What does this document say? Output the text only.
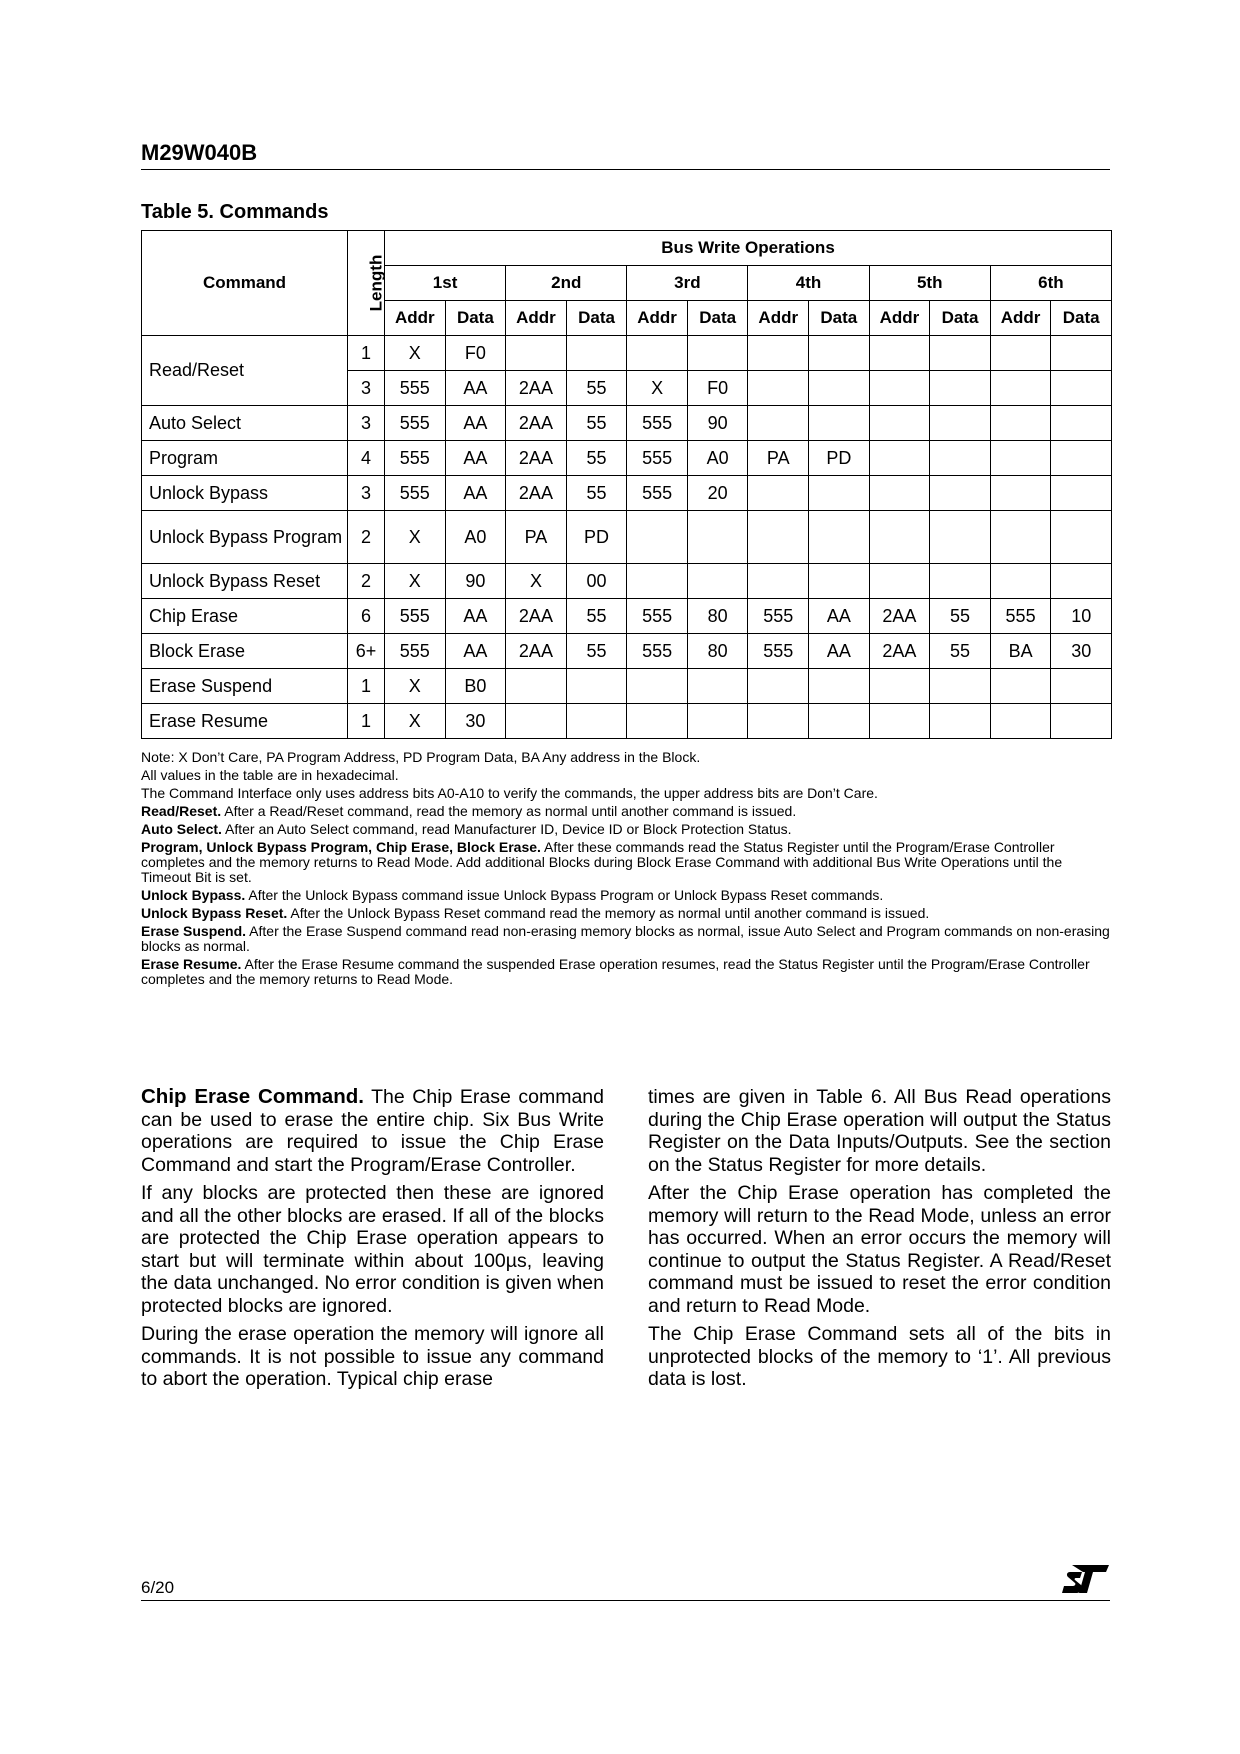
M29W040B
Table 5. Commands
Command	Length	Bus Write Operations											
		1st		2nd		3rd		4th		5th		6th	
		Addr	Data	Addr	Data	Addr	Data	Addr	Data	Addr	Data	Addr	Data
Read/Reset	1	X	F0										
	3	555	AA	2AA	55	X	F0						
Auto Select	3	555	AA	2AA	55	555	90						
Program	4	555	AA	2AA	55	555	A0	PA	PD				
Unlock Bypass	3	555	AA	2AA	55	555	20						
Unlock Bypass Program	2	X	A0	PA	PD								
Unlock Bypass Reset	2	X	90	X	00								
Chip Erase	6	555	AA	2AA	55	555	80	555	AA	2AA	55	555	10
Block Erase	6+	555	AA	2AA	55	555	80	555	AA	2AA	55	BA	30
Erase Suspend	1	X	B0										
Erase Resume	1	X	30										

Note: X Don’t Care, PA Program Address, PD Program Data, BA Any address in the Block.

All values in the table are in hexadecimal.

The Command Interface only uses address bits A0-A10 to verify the commands, the upper address bits are Don’t Care.

Read/Reset. After a Read/Reset command, read the memory as normal until another command is issued.

Auto Select. After an Auto Select command, read Manufacturer ID, Device ID or Block Protection Status.

Program, Unlock Bypass Program, Chip Erase, Block Erase. After these commands read the Status Register until the Program/Erase Controller completes and the memory returns to Read Mode. Add additional Blocks during Block Erase Command with additional Bus Write Operations until the Timeout Bit is set.

Unlock Bypass. After the Unlock Bypass command issue Unlock Bypass Program or Unlock Bypass Reset commands.

Unlock Bypass Reset. After the Unlock Bypass Reset command read the memory as normal until another command is issued.

Erase Suspend. After the Erase Suspend command read non-erasing memory blocks as normal, issue Auto Select and Program commands on non-erasing blocks as normal.

Erase Resume. After the Erase Resume command the suspended Erase operation resumes, read the Status Register until the Program/Erase Controller completes and the memory returns to Read Mode.

Chip Erase Command. The Chip Erase command can be used to erase the entire chip. Six Bus Write operations are required to issue the Chip Erase Command and start the Program/Erase Controller.

If any blocks are protected then these are ignored and all the other blocks are erased. If all of the blocks are protected the Chip Erase operation appears to start but will terminate within about 100µs, leaving the data unchanged. No error condition is given when protected blocks are ignored.

During the erase operation the memory will ignore all commands. It is not possible to issue any command to abort the operation. Typical chip erase

times are given in Table 6. All Bus Read operations during the Chip Erase operation will output the Status Register on the Data Inputs/Outputs. See the section on the Status Register for more details.

After the Chip Erase operation has completed the memory will return to the Read Mode, unless an error has occurred. When an error occurs the memory will continue to output the Status Register. A Read/Reset command must be issued to reset the error condition and return to Read Mode.

The Chip Erase Command sets all of the bits in unprotected blocks of the memory to ‘1’. All previous data is lost.

6/20
